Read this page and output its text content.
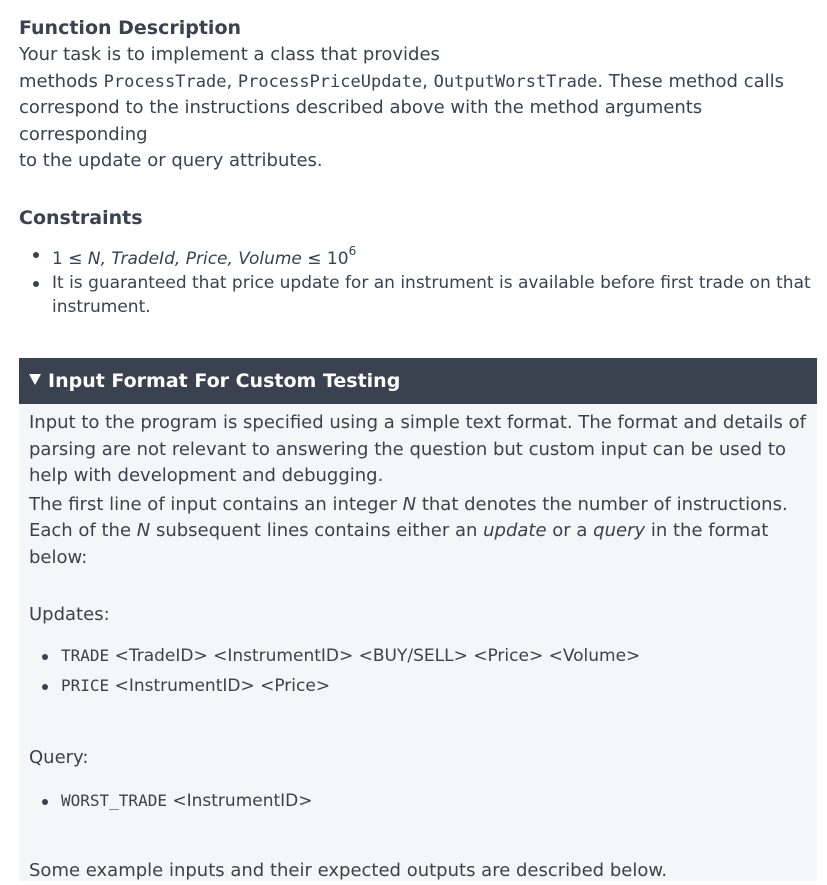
Function Description

Your task is to implement a class that provides
methods ProcessTrade, ProcessPriceUpdate, OutputWorstTrade. These method calls
correspond to the instructions described above with the method arguments corresponding
to the update or query attributes.

Constraints
1 ≤ N, TradeId, Price, Volume ≤ $10^6$
It is guaranteed that price update for an instrument is available before first trade on that instrument.
Input Format For Custom Testing

Input to the program is specified using a simple text format. The format and details of parsing are not relevant to answering the question but custom input can be used to help with development and debugging.

The first line of input contains an integer N that denotes the number of instructions.
Each of the N subsequent lines contains either an update or a query in the format below:

Updates:

TRADE <TradeID> <InstrumentID> <BUY/SELL> <Price> <Volume>
PRICE <InstrumentID> <Price>

Query:

WORST_TRADE <InstrumentID>

Some example inputs and their expected outputs are described below.
